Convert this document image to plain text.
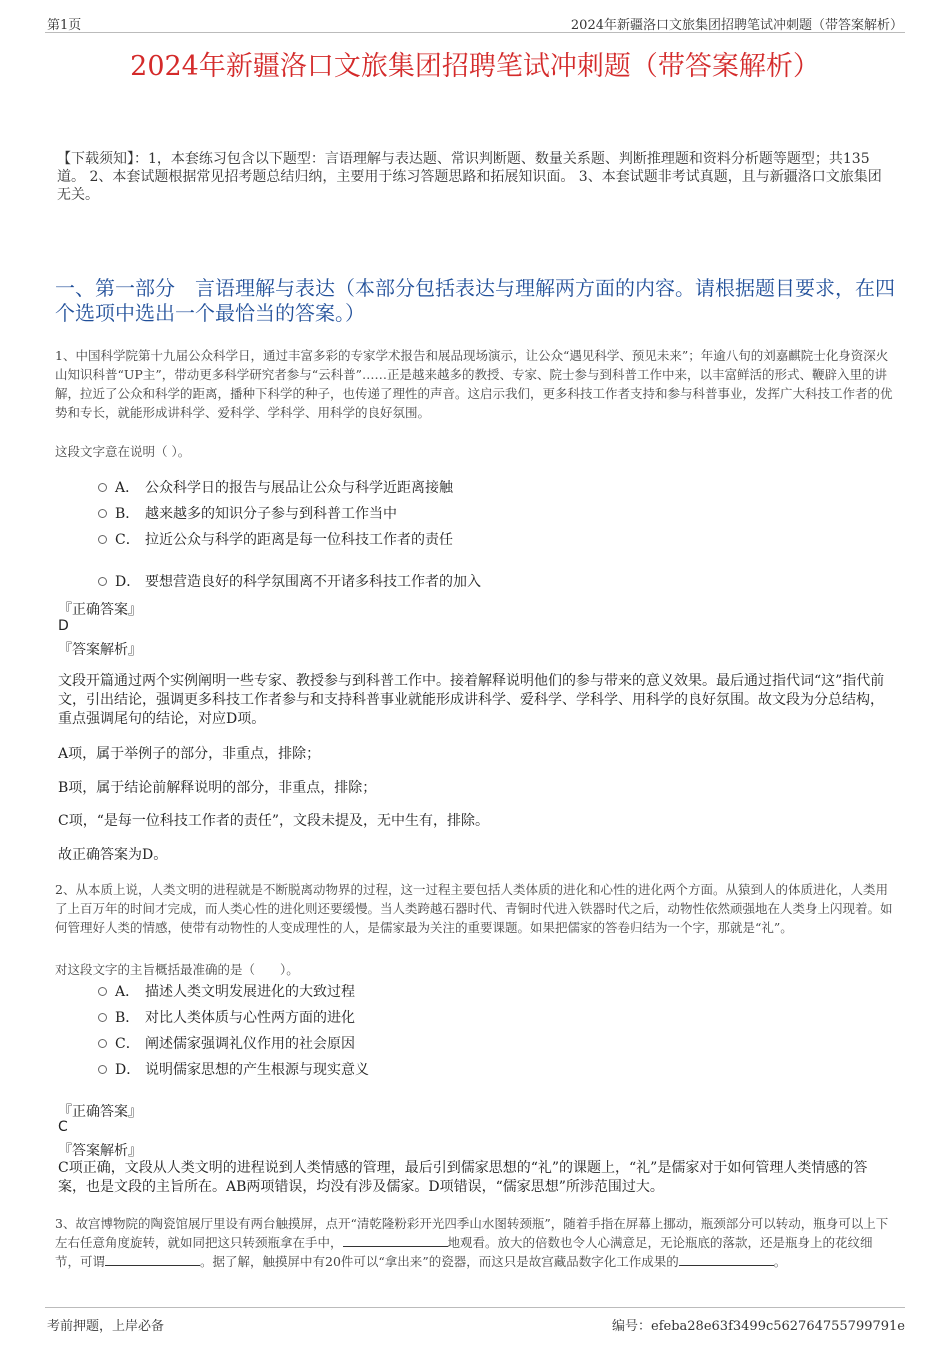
第1页	2024年新疆洛口文旅集团招聘笔试冲刺题（带答案解析）
2024年新疆洛口文旅集团招聘笔试冲刺题（带答案解析）
【下载须知】：1，本套练习包含以下题型：言语理解与表达题、常识判断题、数量关系题、判断推理题和资料分析题等题型；共135道。 2、本套试题根据常见招考题总结归纳，主要用于练习答题思路和拓展知识面。 3、本套试题非考试真题，且与新疆洛口文旅集团无关。
一、第一部分　言语理解与表达（本部分包括表达与理解两方面的内容。请根据题目要求，在四个选项中选出一个最恰当的答案。）
1、中国科学院第十九届公众科学日，通过丰富多彩的专家学术报告和展品现场演示，让公众“遇见科学、预见未来”；年逾八旬的刘嘉麒院士化身资深火山知识科普“UP主”，带动更多科学研究者参与“云科普”……正是越来越多的教授、专家、院士参与到科普工作中来，以丰富鲜活的形式、鞭辟入里的讲解，拉近了公众和科学的距离，播种下科学的种子，也传递了理性的声音。这启示我们，更多科技工作者支持和参与科普事业，发挥广大科技工作者的优势和专长，就能形成讲科学、爱科学、学科学、用科学的良好氛围。
这段文字意在说明（ ）。
A． 公众科学日的报告与展品让公众与科学近距离接触
B． 越来越多的知识分子参与到科普工作当中
C． 拉近公众与科学的距离是每一位科技工作者的责任
D． 要想营造良好的科学氛围离不开诸多科技工作者的加入
『正确答案』
D
『答案解析』
文段开篇通过两个实例阐明一些专家、教授参与到科普工作中。接着解释说明他们的参与带来的意义效果。最后通过指代词“这”指代前文，引出结论，强调更多科技工作者参与和支持科普事业就能形成讲科学、爱科学、学科学、用科学的良好氛围。故文段为分总结构，重点强调尾句的结论，对应D项。
A项，属于举例子的部分，非重点，排除；
B项，属于结论前解释说明的部分，非重点，排除；
C项，“是每一位科技工作者的责任”，文段未提及，无中生有，排除。
故正确答案为D。
2、从本质上说，人类文明的进程就是不断脱离动物界的过程，这一过程主要包括人类体质的进化和心性的进化两个方面。从猿到人的体质进化，人类用了上百万年的时间才完成，而人类心性的进化则还要缓慢。当人类跨越石器时代、青铜时代进入铁器时代之后，动物性依然顽强地在人类身上闪现着。如何管理好人类的情感，使带有动物性的人变成理性的人，是儒家最为关注的重要课题。如果把儒家的答卷归结为一个字，那就是“礼”。
对这段文字的主旨概括最准确的是（　　）。
A． 描述人类文明发展进化的大致过程
B． 对比人类体质与心性两方面的进化
C． 阐述儒家强调礼仪作用的社会原因
D． 说明儒家思想的产生根源与现实意义
『正确答案』
C
『答案解析』
C项正确，文段从人类文明的进程说到人类情感的管理，最后引到儒家思想的“礼”的课题上，“礼”是儒家对于如何管理人类情感的答案，也是文段的主旨所在。AB两项错误，均没有涉及儒家。D项错误，“儒家思想”所涉范围过大。
3、故宫博物院的陶瓷馆展厅里设有两台触摸屏，点开“清乾隆粉彩开光四季山水图转颈瓶”，随着手指在屏幕上挪动，瓶颈部分可以转动，瓶身可以上下左右任意角度旋转，就如同把这只转颈瓶拿在手中，	地观看。放大的倍数也令人心满意足，无论瓶底的落款，还是瓶身上的花纹细节，可谓	。据了解，触摸屏中有20件可以“拿出来”的瓷器，而这只是故宫藏品数字化工作成果的	。
考前押题，上岸必备	编号：efeba28e63f3499c562764755799791e
